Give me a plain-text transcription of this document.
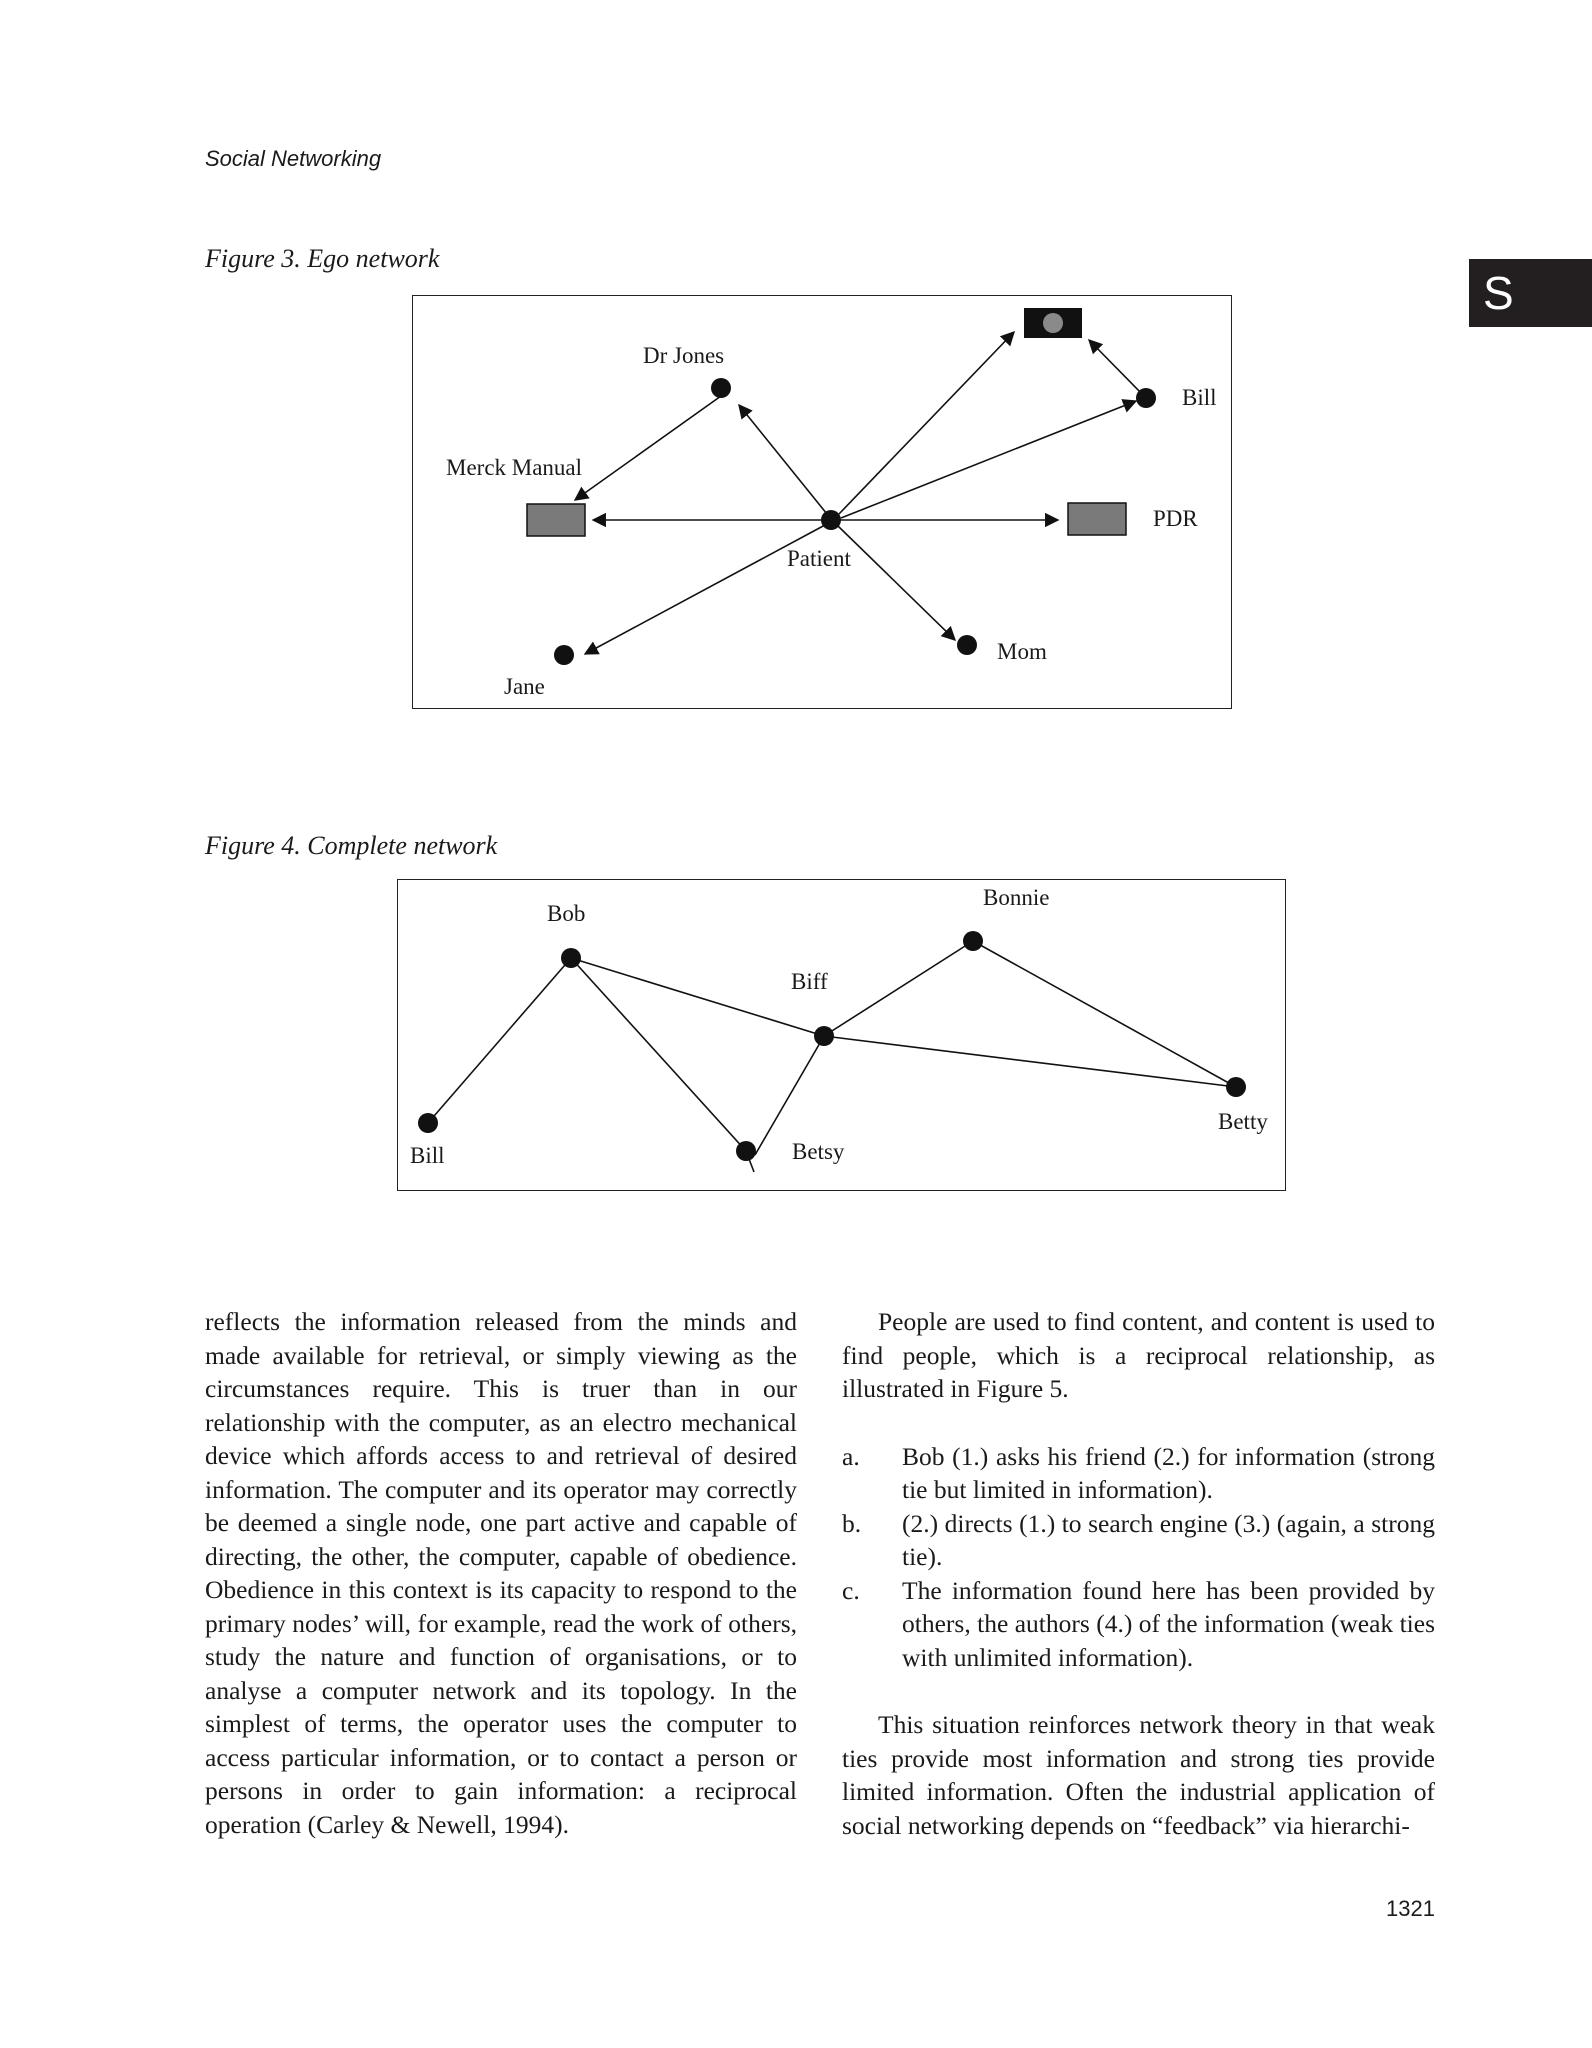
Social Networking
S
Figure 3. Ego network
Dr Jones
Bill
Merck Manual
PDR
Patient
Jane
Mom
Figure 4. Complete network
Bob
Bonnie
Biff
Bill	Betsy
Betty

reflects the information released from the minds and made available for retrieval, or simply viewing as the circumstances require. This is truer than in our relationship with the computer, as an electro mechanical device which affords access to and retrieval of desired information. The computer and its operator may correctly be deemed a single node, one part active and capable of directing, the other, the computer, capable of obedience. Obedience in this context is its capacity to respond to the primary nodes’ will, for example, read the work of others, study the nature and function of organisations, or to analyse a computer network and its topology. In the simplest of terms, the operator uses the computer to access particular information, or to contact a person or persons in order to gain information: a reciprocal operation (Carley & Newell, 1994).

People are used to find content, and content is used to find people, which is a reciprocal relationship, as illustrated in Figure 5.

a.	Bob (1.) asks his friend (2.) for information (strong tie but limited in information).
b.	(2.) directs (1.) to search engine (3.) (again, a strong tie).
c.	The information found here has been provided by others, the authors (4.) of the information (weak ties with unlimited information).

This situation reinforces network theory in that weak ties provide most information and strong ties provide limited information. Often the industrial application of social networking depends on “feedback” via hierarchi-

1321
